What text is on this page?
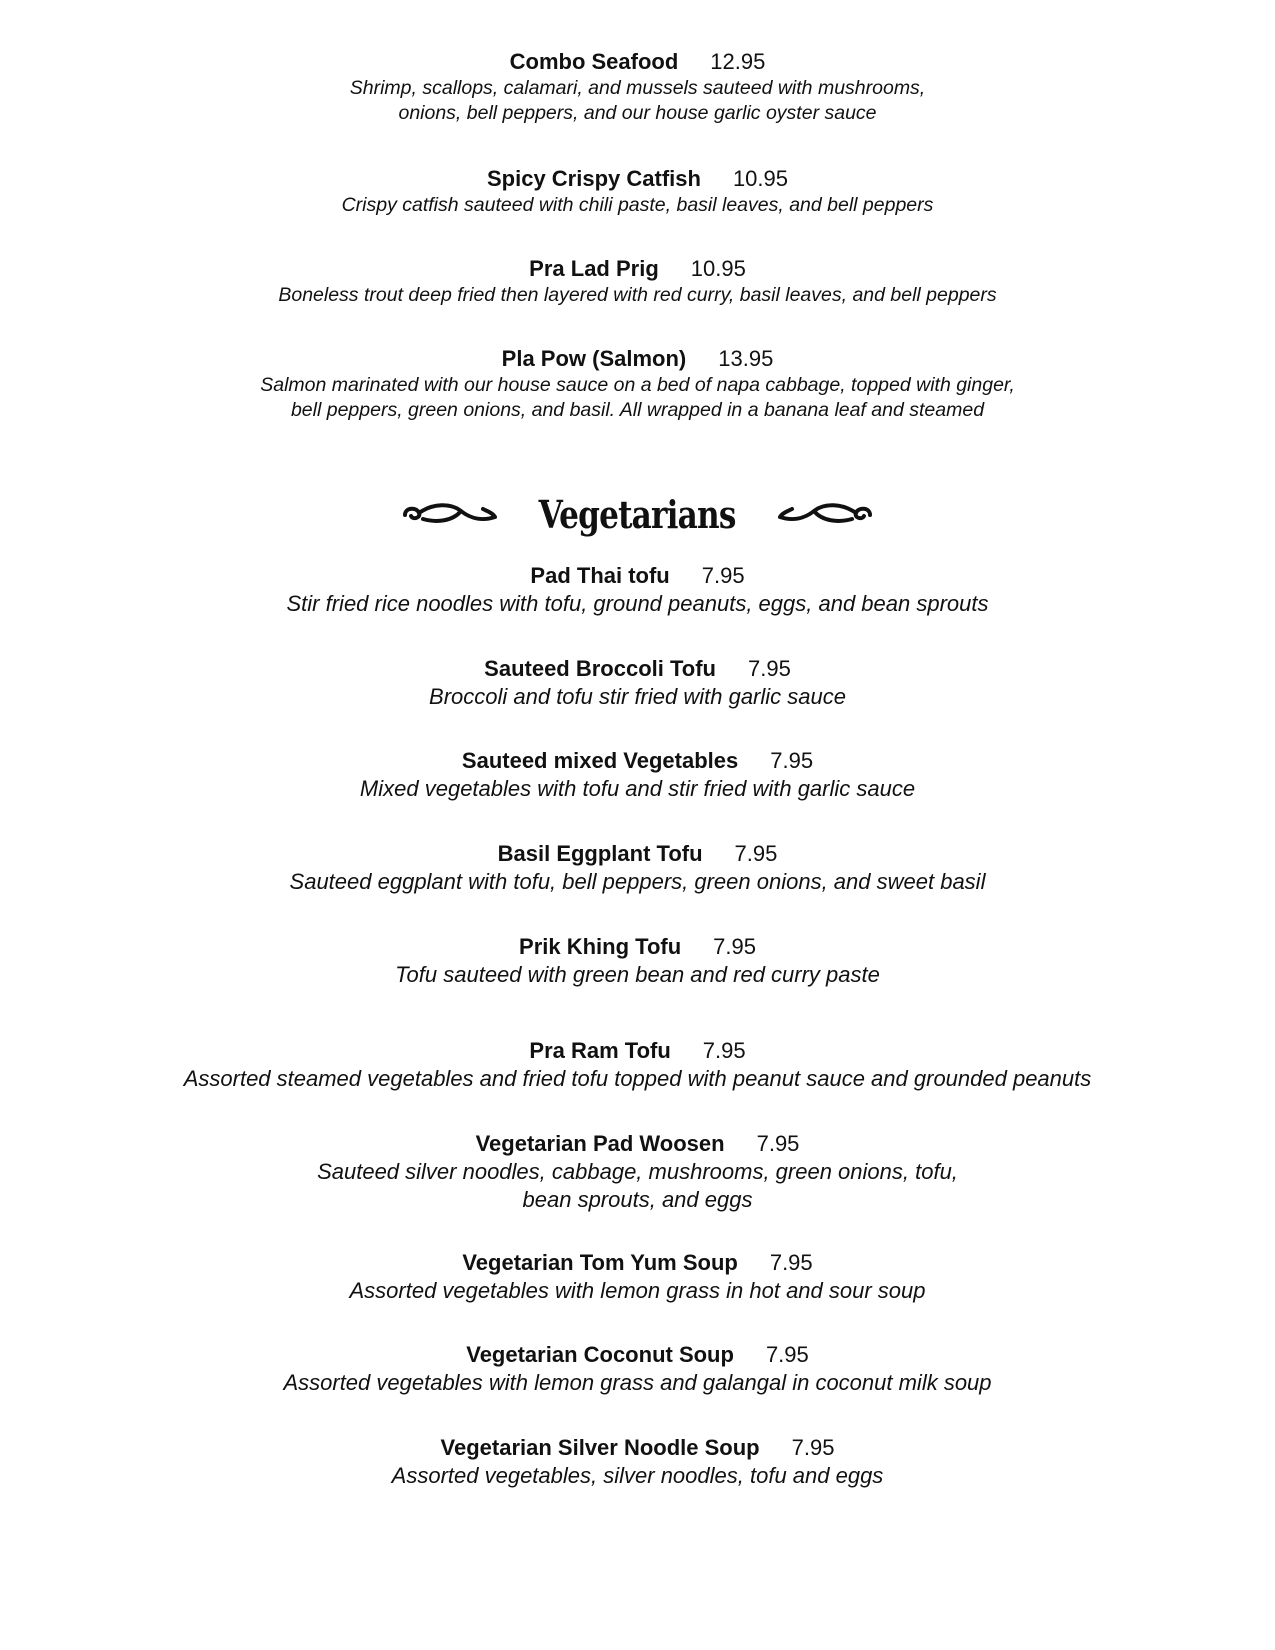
Combo Seafood 12.95
Shrimp, scallops, calamari, and mussels sauteed with mushrooms,
onions, bell peppers, and our house garlic oyster sauce
Spicy Crispy Catfish 10.95
Crispy catfish sauteed with chili paste, basil leaves, and bell peppers
Pra Lad Prig 10.95
Boneless trout deep fried then layered with red curry, basil leaves, and bell peppers
Pla Pow (Salmon) 13.95
Salmon marinated with our house sauce on a bed of napa cabbage, topped with ginger,
bell peppers, green onions, and basil. All wrapped in a banana leaf and steamed
Vegetarians
Pad Thai tofu 7.95
Stir fried rice noodles with tofu, ground peanuts, eggs, and bean sprouts
Sauteed Broccoli Tofu 7.95
Broccoli and tofu stir fried with garlic sauce
Sauteed mixed Vegetables 7.95
Mixed vegetables with tofu and stir fried with garlic sauce
Basil Eggplant Tofu 7.95
Sauteed eggplant with tofu, bell peppers, green onions, and sweet basil
Prik Khing Tofu 7.95
Tofu sauteed with green bean and red curry paste
Pra Ram Tofu 7.95
Assorted steamed vegetables and fried tofu topped with peanut sauce and grounded peanuts
Vegetarian Pad Woosen 7.95
Sauteed silver noodles, cabbage, mushrooms, green onions, tofu,
bean sprouts, and eggs
Vegetarian Tom Yum Soup 7.95
Assorted vegetables with lemon grass in hot and sour soup
Vegetarian Coconut Soup 7.95
Assorted vegetables with lemon grass and galangal in coconut milk soup
Vegetarian Silver Noodle Soup 7.95
Assorted vegetables, silver noodles, tofu and eggs
